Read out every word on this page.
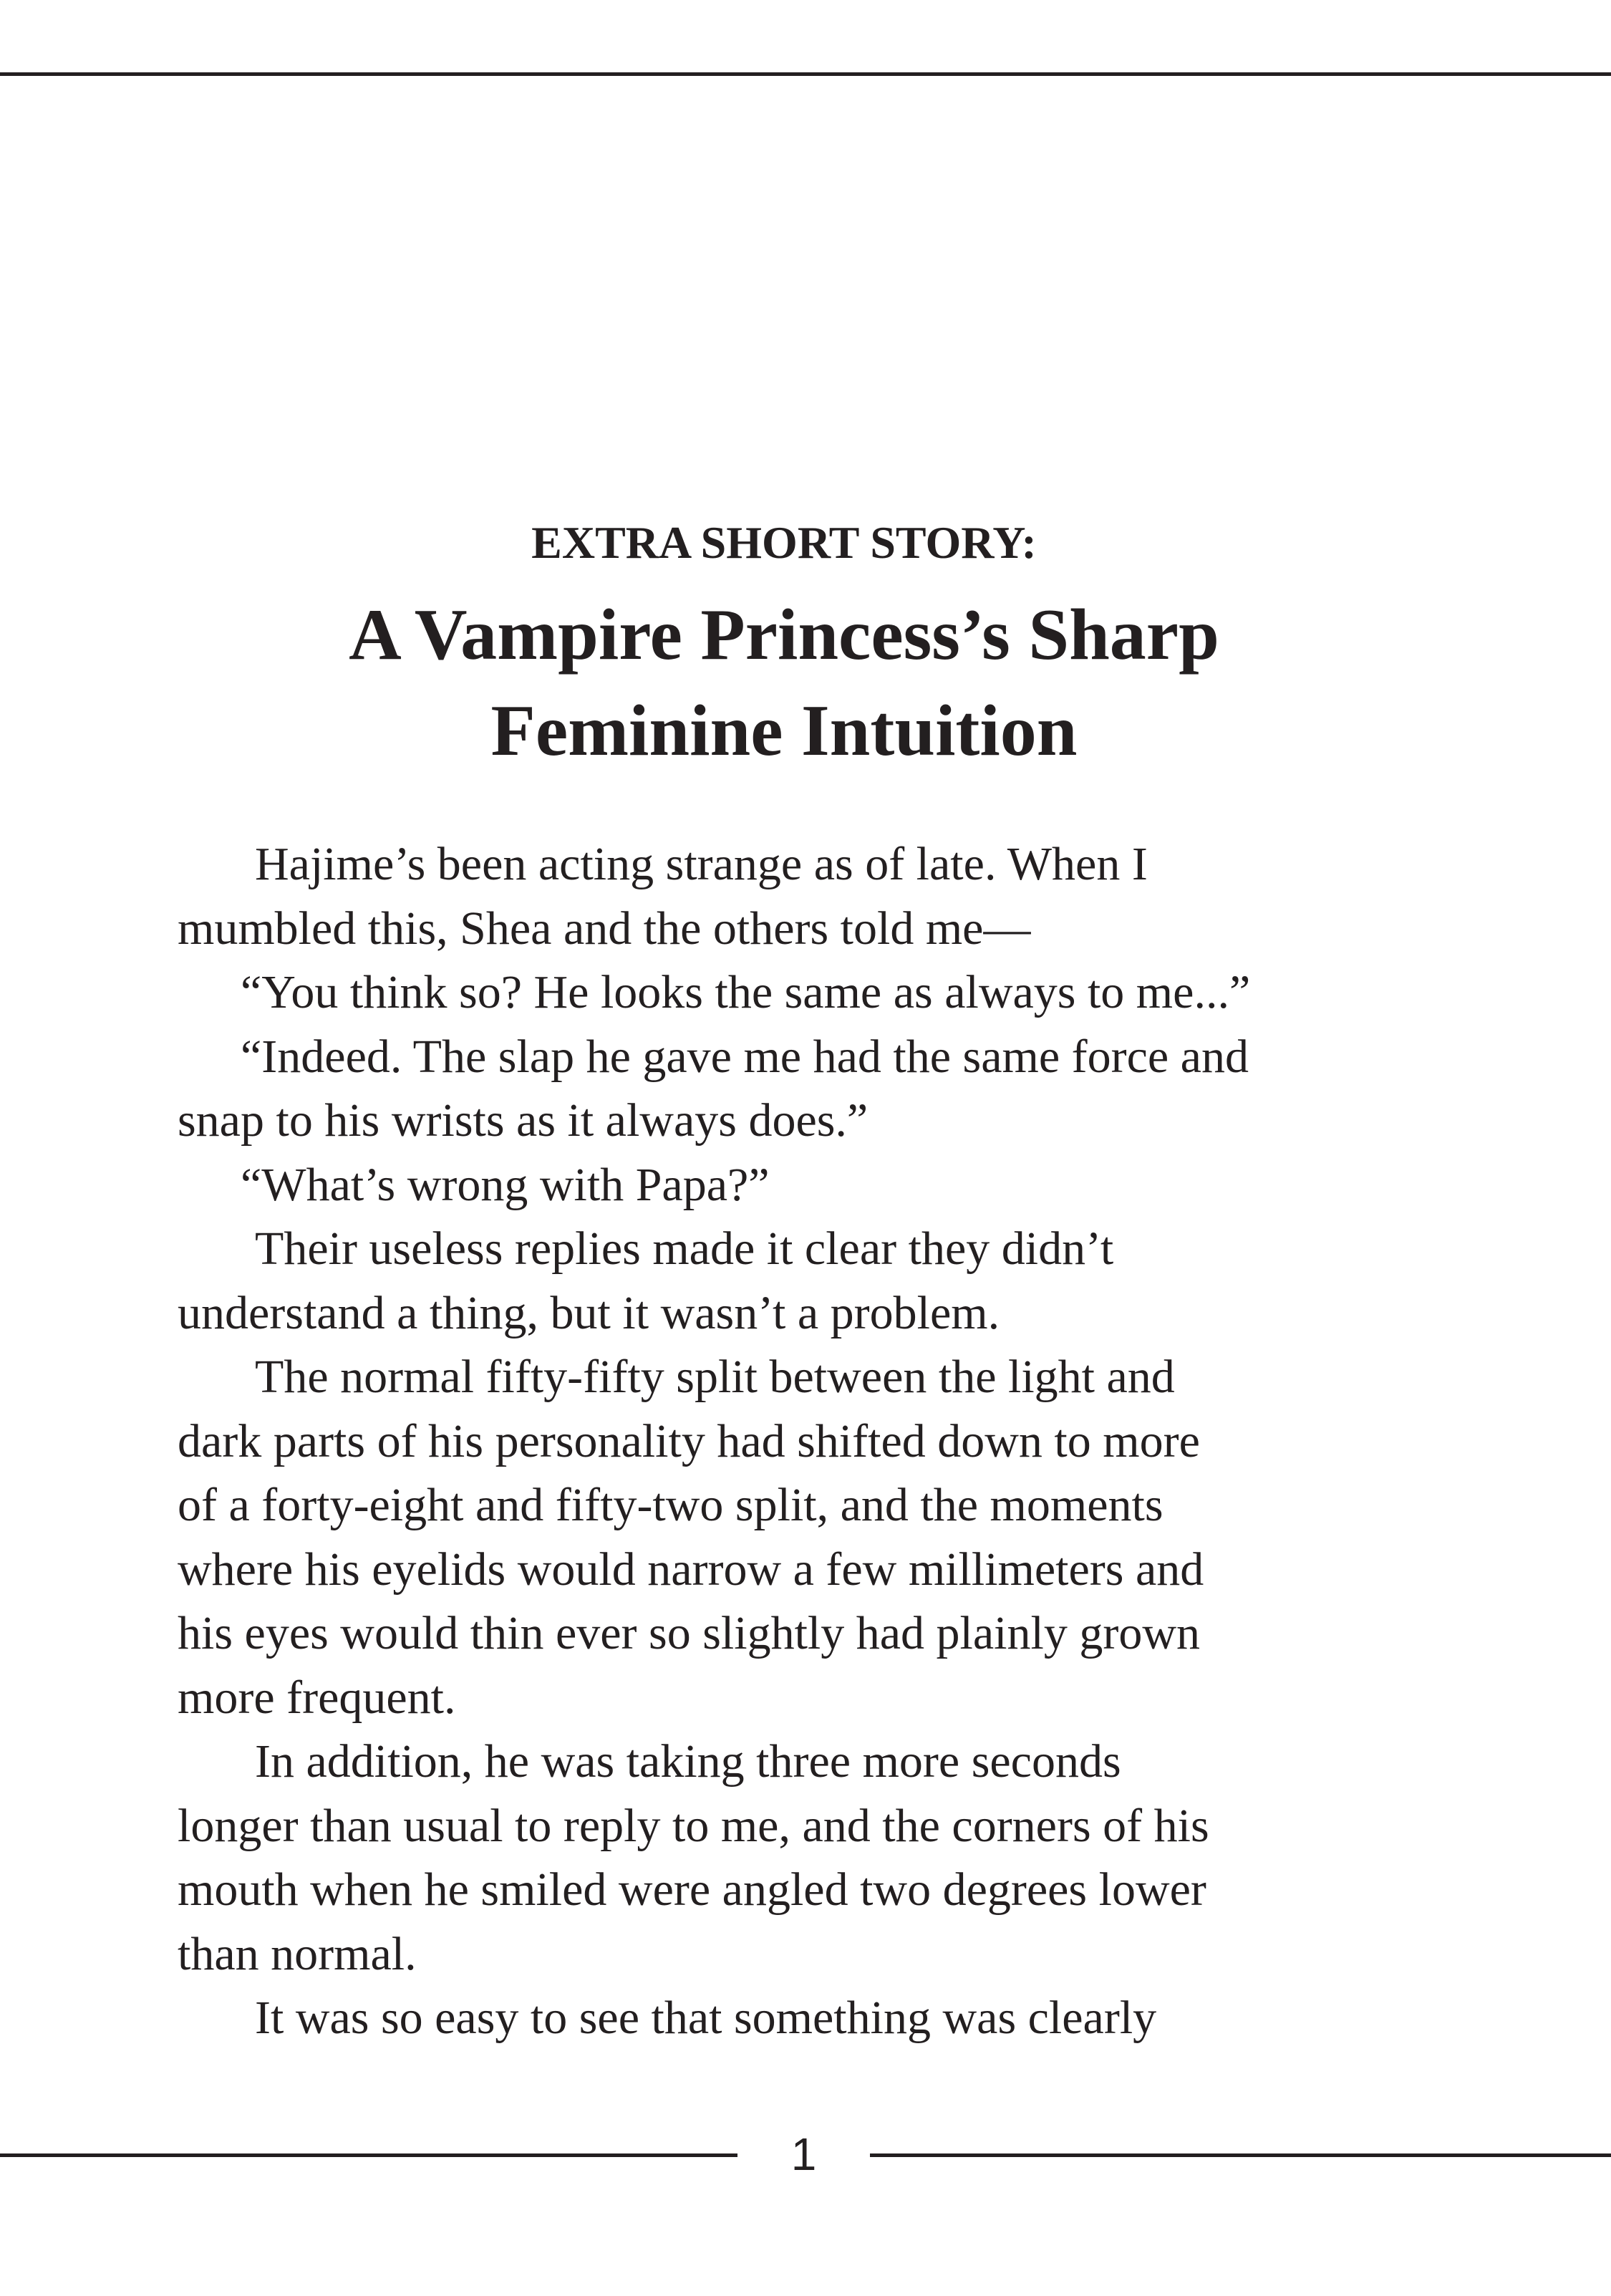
EXTRA SHORT STORY:
A Vampire Princess’s Sharp
Feminine Intuition
Hajime’s been acting strange as of late. When I
mumbled this, Shea and the others told me—
“You think so? He looks the same as always to me...”
“Indeed. The slap he gave me had the same force and
snap to his wrists as it always does.”
“What’s wrong with Papa?”
Their useless replies made it clear they didn’t
understand a thing, but it wasn’t a problem.
The normal fifty-fifty split between the light and
dark parts of his personality had shifted down to more
of a forty-eight and fifty-two split, and the moments
where his eyelids would narrow a few millimeters and
his eyes would thin ever so slightly had plainly grown
more frequent.
In addition, he was taking three more seconds
longer than usual to reply to me, and the corners of his
mouth when he smiled were angled two degrees lower
than normal.
It was so easy to see that something was clearly
1
